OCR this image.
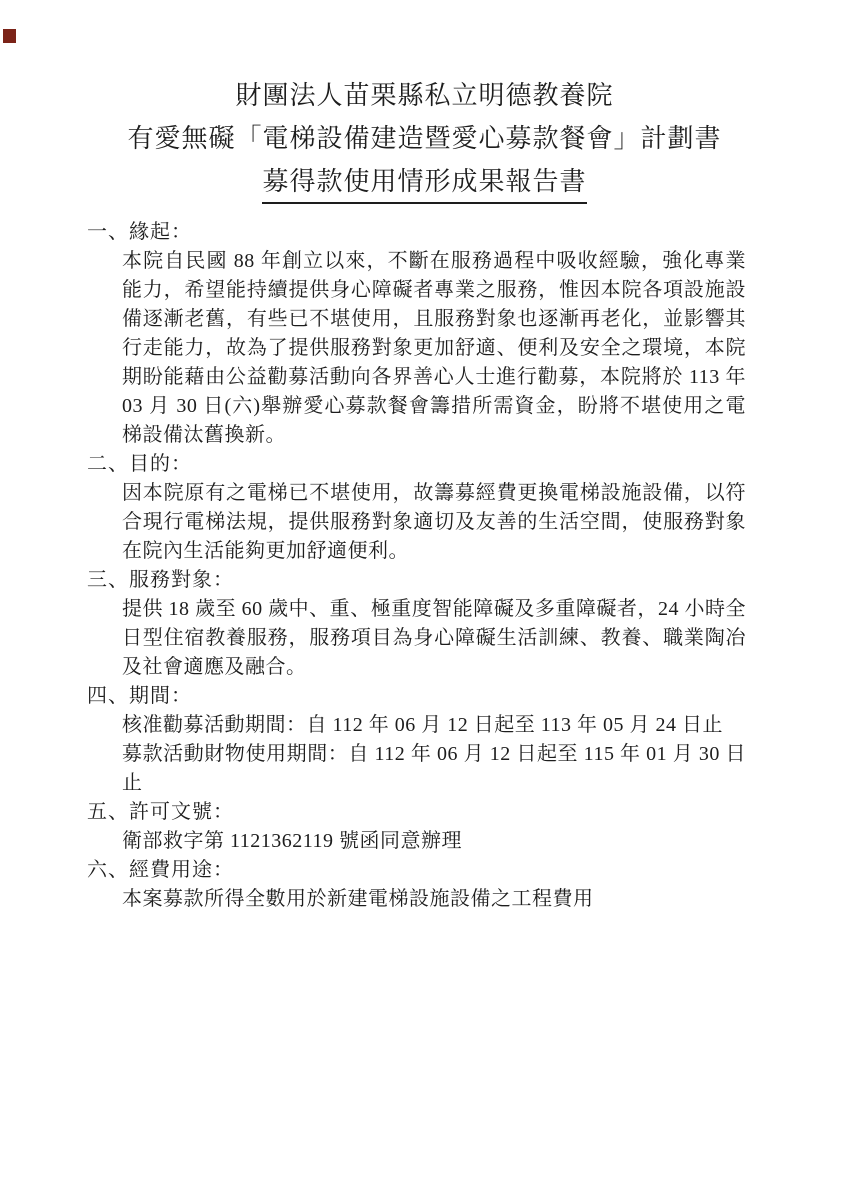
財團法人苗栗縣私立明德教養院
有愛無礙「電梯設備建造暨愛心募款餐會」計劃書
募得款使用情形成果報告書
一、緣起：

本院自民國 88 年創立以來，不斷在服務過程中吸收經驗，強化專業能力，希望能持續提供身心障礙者專業之服務，惟因本院各項設施設備逐漸老舊，有些已不堪使用，且服務對象也逐漸再老化，並影響其行走能力，故為了提供服務對象更加舒適、便利及安全之環境，本院期盼能藉由公益勸募活動向各界善心人士進行勸募，本院將於 113 年 03 月 30 日(六)舉辦愛心募款餐會籌措所需資金，盼將不堪使用之電梯設備汰舊換新。

二、目的：

因本院原有之電梯已不堪使用，故籌募經費更換電梯設施設備，以符合現行電梯法規，提供服務對象適切及友善的生活空間，使服務對象在院內生活能夠更加舒適便利。

三、服務對象：

提供 18 歲至 60 歲中、重、極重度智能障礙及多重障礙者，24 小時全日型住宿教養服務，服務項目為身心障礙生活訓練、教養、職業陶冶及社會適應及融合。

四、期間：

核准勸募活動期間：自 112 年 06 月 12 日起至 113 年 05 月 24 日止

募款活動財物使用期間：自 112 年 06 月 12 日起至 115 年 01 月 30 日止

五、許可文號：

衛部救字第 1121362119 號函同意辦理

六、經費用途：

本案募款所得全數用於新建電梯設施設備之工程費用
